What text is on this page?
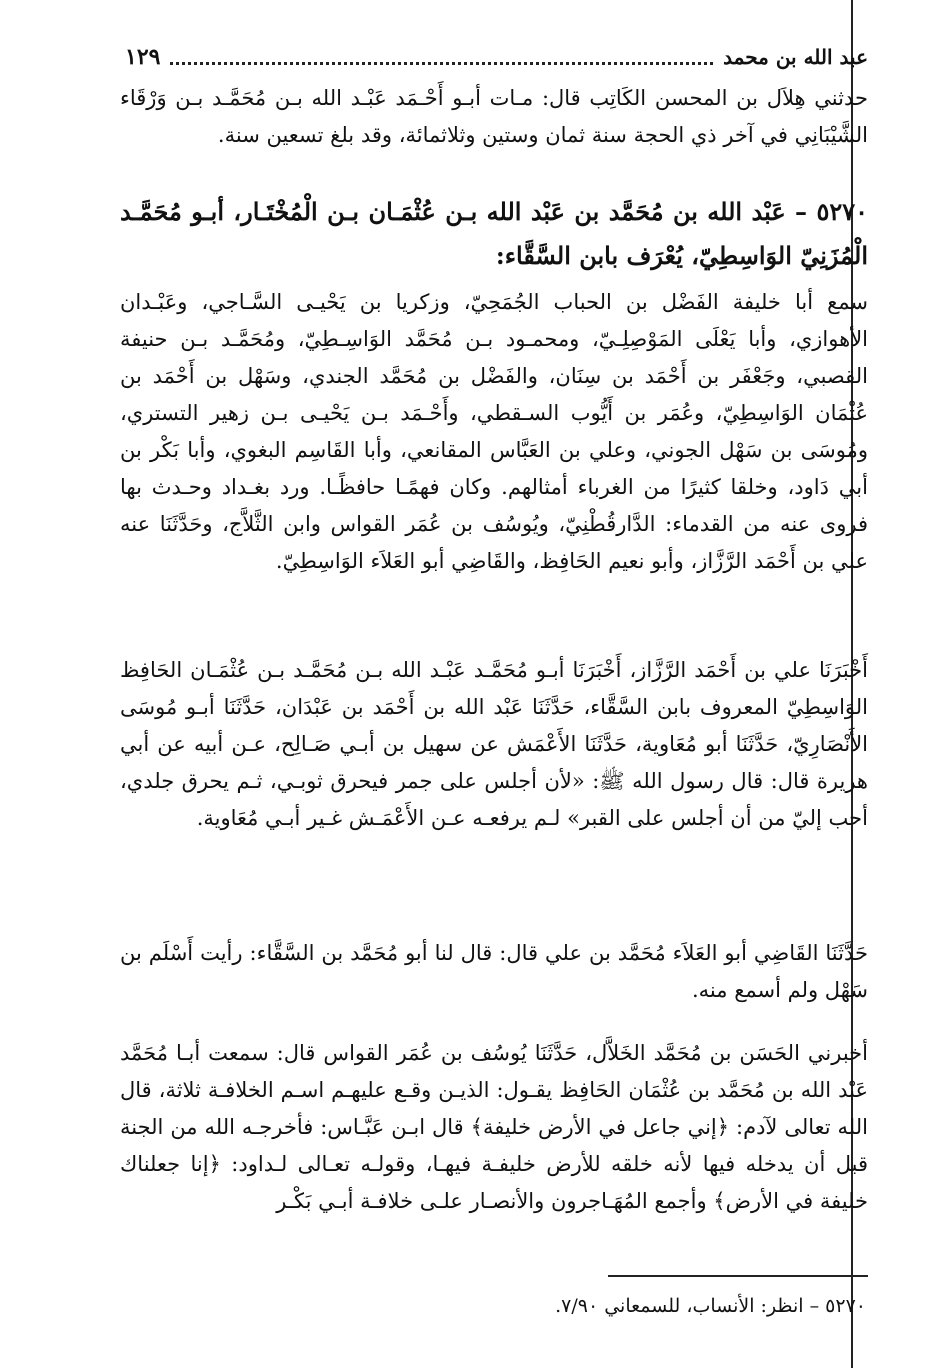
عبد الله بن محمد
١٢٩
حدثني هِلاَل بن المحسن الكَاتِب قال: مـات أبـو أَحْـمَد عَبْـد الله بـن مُحَمَّـد بـن وَرْقَاء الشَّيْبَانِي في آخر ذي الحجة سنة ثمان وستين وثلاثمائة، وقد بلغ تسعين سنة.
٥٢٧٠ – عَبْد الله بن مُحَمَّد بن عَبْد الله بـن عُثْمَـان بـن الْمُخْتَـار، أبـو مُحَمَّـد الْمُزَنِيّ الوَاسِطِيّ، يُعْرَف بابن السَّقَّاء:
سمع أبا خليفة الفَضْل بن الحباب الجُمَحِيّ، وزكريا بن يَحْيـى السَّـاجي، وعَبْـدان الأهوازي، وأبا يَعْلَى المَوْصِلِـيّ، ومحمـود بـن مُحَمَّد الوَاسِـطِيّ، ومُحَمَّـد بـن حنيفة القصبي، وجَعْفَر بن أَحْمَد بن سِنَان، والفَضْل بن مُحَمَّد الجندي، وسَهْل بن أَحْمَد بن عُثْمَان الوَاسِطِيّ، وعُمَر بن أَيُّوب السـقطي، وأَحْـمَد بـن يَحْيـى بـن زهير التستري، ومُوسَى بن سَهْل الجوني، وعلي بن العَبَّاس المقانعي، وأبا القَاسِم البغوي، وأبا بَكْر بن أبي دَاود، وخلقا كثيرًا من الغرباء أمثالهم. وكان فهمًـا حافظًـا. ورد بغـداد وحـدث بها فروى عنه من القدماء: الدَّارقُطْنِيّ، ويُوسُف بن عُمَر القواس وابن الثَّلاَّج، وحَدَّثَنَا عنه علي بن أَحْمَد الرَّزَّاز، وأبو نعيم الحَافِظ، والقَاضِي أبو العَلاَء الوَاسِطِيّ.
أَخْبَرَنَا علي بن أَحْمَد الرَّزَّاز، أَخْبَرَنَا أبـو مُحَمَّـد عَبْـد الله بـن مُحَمَّـد بـن عُثْمَـان الحَافِظ الوَاسِطِيّ المعروف بابن السَّقَّاء، حَدَّثَنَا عَبْد الله بن أَحْمَد بن عَبْدَان، حَدَّثَنَا أبـو مُوسَى الأَنْصَارِيّ، حَدَّثَنَا أبو مُعَاوية، حَدَّثَنَا الأَعْمَش عن سهيل بن أبـي صَـالِح، عـن أبيه عن أبي هريرة قال: قال رسول الله ﷺ: «لأن أجلس على جمر فيحرق ثوبـي، ثـم يحرق جلدي، أحب إليّ من أن أجلس على القبر» لـم يرفعـه عـن الأَعْمَـش غـير أبـي مُعَاوية.
حَدَّثَنَا القَاضِي أبو العَلاَء مُحَمَّد بن علي قال: قال لنا أبو مُحَمَّد بن السَّقَّاء: رأيت أَسْلَم بن سَهْل ولم أسمع منه.
أخبرني الحَسَن بن مُحَمَّد الخَلاَّل، حَدَّثَنَا يُوسُف بن عُمَر القواس قال: سمعت أبـا مُحَمَّد عَبْد الله بن مُحَمَّد بن عُثْمَان الحَافِظ يقـول: الذيـن وقـع عليهـم اسـم الخلافـة ثلاثة، قال الله تعالى لآدم: ﴿إني جاعل في الأرض خليفة﴾ قال ابـن عَبَّـاس: فأخرجـه الله من الجنة قبل أن يدخله فيها لأنه خلقه للأرض خليفـة فيهـا، وقولـه تعـالى لـداود: ﴿إنا جعلناك خليفة في الأرض﴾ وأجمع المُهَـاجرون والأنصـار علـى خلافـة أبـي بَكْـر
٥٢٧٠ – انظر: الأنساب، للسمعاني ٧/٩٠.
